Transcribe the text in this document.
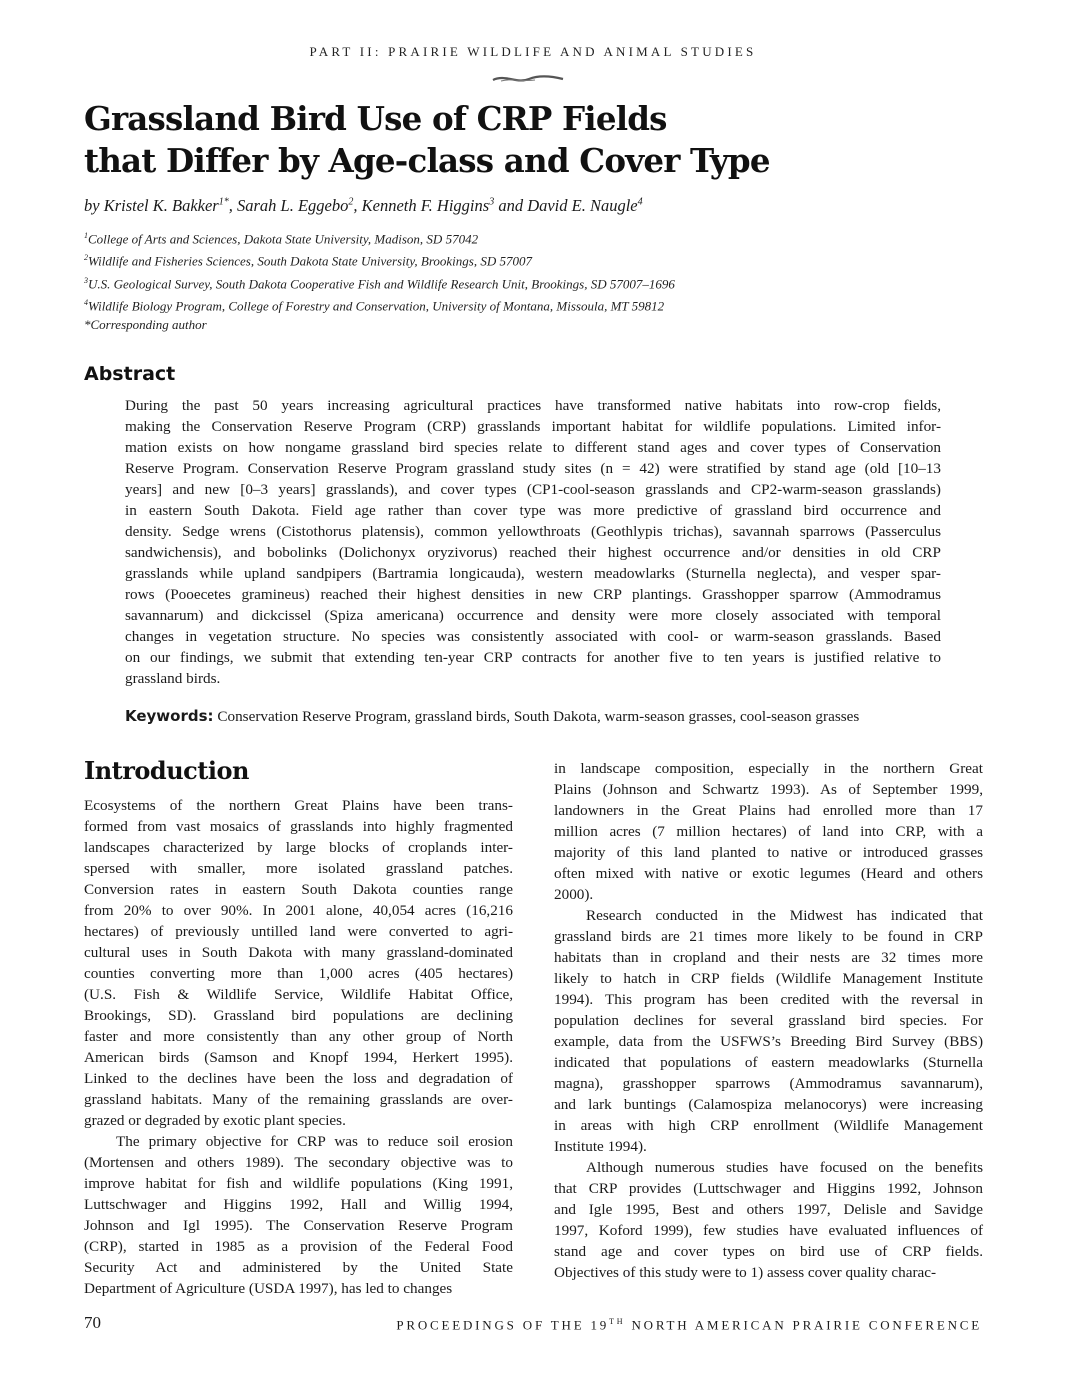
PART II: PRAIRIE WILDLIFE AND ANIMAL STUDIES
Grassland Bird Use of CRP Fields
that Differ by Age-class and Cover Type
by Kristel K. Bakker$^{1*}$, Sarah L. Eggebo$^2$, Kenneth F. Higgins$^3$ and David E. Naugle$^4$
$^1$College of Arts and Sciences, Dakota State University, Madison, SD 57042
$^2$Wildlife and Fisheries Sciences, South Dakota State University, Brookings, SD 57007
$^3$U.S. Geological Survey, South Dakota Cooperative Fish and Wildlife Research Unit, Brookings, SD 57007–1696
$^4$Wildlife Biology Program, College of Forestry and Conservation, University of Montana, Missoula, MT 59812
*Corresponding author
Abstract
During the past 50 years increasing agricultural practices have transformed native habitats into row-crop fields,
making the Conservation Reserve Program (CRP) grasslands important habitat for wildlife populations. Limited infor-
mation exists on how nongame grassland bird species relate to different stand ages and cover types of Conservation
Reserve Program. Conservation Reserve Program grassland study sites (n = 42) were stratified by stand age (old [10–13
years] and new [0–3 years] grasslands), and cover types (CP1-cool-season grasslands and CP2-warm-season grasslands)
in eastern South Dakota. Field age rather than cover type was more predictive of grassland bird occurrence and
density. Sedge wrens (Cistothorus platensis), common yellowthroats (Geothlypis trichas), savannah sparrows (Passerculus
sandwichensis), and bobolinks (Dolichonyx oryzivorus) reached their highest occurrence and/or densities in old CRP
grasslands while upland sandpipers (Bartramia longicauda), western meadowlarks (Sturnella neglecta), and vesper spar-
rows (Pooecetes gramineus) reached their highest densities in new CRP plantings. Grasshopper sparrow (Ammodramus
savannarum) and dickcissel (Spiza americana) occurrence and density were more closely associated with temporal
changes in vegetation structure. No species was consistently associated with cool- or warm-season grasslands. Based
on our findings, we submit that extending ten-year CRP contracts for another five to ten years is justified relative to
grassland birds.
Keywords: Conservation Reserve Program, grassland birds, South Dakota, warm-season grasses, cool-season grasses
Introduction
Ecosystems of the northern Great Plains have been trans-
formed from vast mosaics of grasslands into highly fragmented
landscapes characterized by large blocks of croplands inter-
spersed with smaller, more isolated grassland patches.
Conversion rates in eastern South Dakota counties range
from 20% to over 90%. In 2001 alone, 40,054 acres (16,216
hectares) of previously untilled land were converted to agri-
cultural uses in South Dakota with many grassland-dominated
counties converting more than 1,000 acres (405 hectares)
(U.S. Fish & Wildlife Service, Wildlife Habitat Office,
Brookings, SD). Grassland bird populations are declining
faster and more consistently than any other group of North
American birds (Samson and Knopf 1994, Herkert 1995).
Linked to the declines have been the loss and degradation of
grassland habitats. Many of the remaining grasslands are over-
grazed or degraded by exotic plant species.
The primary objective for CRP was to reduce soil erosion
(Mortensen and others 1989). The secondary objective was to
improve habitat for fish and wildlife populations (King 1991,
Luttschwager and Higgins 1992, Hall and Willig 1994,
Johnson and Igl 1995). The Conservation Reserve Program
(CRP), started in 1985 as a provision of the Federal Food
Security Act and administered by the United State
Department of Agriculture (USDA 1997), has led to changes
in landscape composition, especially in the northern Great
Plains (Johnson and Schwartz 1993). As of September 1999,
landowners in the Great Plains had enrolled more than 17
million acres (7 million hectares) of land into CRP, with a
majority of this land planted to native or introduced grasses
often mixed with native or exotic legumes (Heard and others
2000).
Research conducted in the Midwest has indicated that
grassland birds are 21 times more likely to be found in CRP
habitats than in cropland and their nests are 32 times more
likely to hatch in CRP fields (Wildlife Management Institute
1994). This program has been credited with the reversal in
population declines for several grassland bird species. For
example, data from the USFWS’s Breeding Bird Survey (BBS)
indicated that populations of eastern meadowlarks (Sturnella
magna), grasshopper sparrows (Ammodramus savannarum),
and lark buntings (Calamospiza melanocorys) were increasing
in areas with high CRP enrollment (Wildlife Management
Institute 1994).
Although numerous studies have focused on the benefits
that CRP provides (Luttschwager and Higgins 1992, Johnson
and Igle 1995, Best and others 1997, Delisle and Savidge
1997, Koford 1999), few studies have evaluated influences of
stand age and cover types on bird use of CRP fields.
Objectives of this study were to 1) assess cover quality charac-
70	PROCEEDINGS OF THE 19TH NORTH AMERICAN PRAIRIE CONFERENCE
